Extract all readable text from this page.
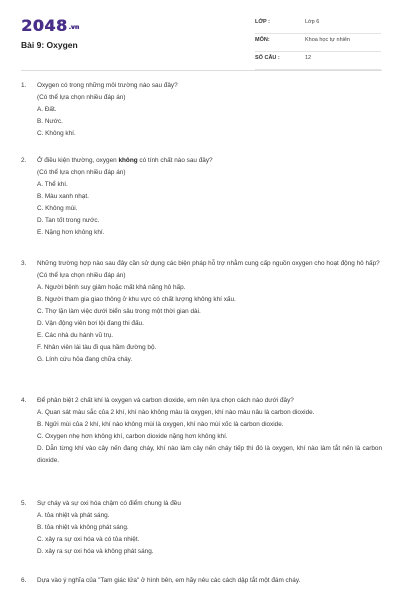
2048.vn
Bài 9: Oxygen
LỚP :	Lớp 6
MÔN:	Khoa học tự nhiên
SỐ CÂU :	12
1. Oxygen có trong những môi trường nào sau đây?
(Có thể lựa chọn nhiều đáp án)
A. Đất.
B. Nước.
C. Không khí.
2. Ở điều kiện thường, oxygen không có tính chất nào sau đây?
(Có thể lựa chọn nhiều đáp án)
A. Thể khí.
B. Màu xanh nhạt.
C. Không mùi.
D. Tan tốt trong nước.
E. Nặng hơn không khí.
3. Những trường hợp nào sau đây cần sử dụng các biện pháp hỗ trợ nhằm cung cấp nguồn oxygen cho hoạt động hô hấp?
(Có thể lựa chọn nhiều đáp án)
A. Người bệnh suy giảm hoặc mất khả năng hô hấp.
B. Người tham gia giao thông ở khu vực có chất lượng không khí xấu.
C. Thợ lặn làm việc dưới biển sâu trong một thời gian dài.
D. Vận động viên bơi lội đang thi đấu.
E. Các nhà du hành vũ trụ.
F. Nhân viên lái tàu đi qua hầm đường bộ.
G. Lính cứu hỏa đang chữa cháy.
4. Để phân biệt 2 chất khí là oxygen và carbon dioxide, em nên lựa chọn cách nào dưới đây?
A. Quan sát màu sắc của 2 khí, khí nào không màu là oxygen, khí nào màu nâu là carbon dioxide.
B. Ngửi mùi của 2 khí, khí nào không mùi là oxygen, khí nào mùi xốc là carbon dioxide.
C. Oxygen nhẹ hơn không khí, carbon dioxide nặng hơn không khí.
D. Dẫn từng khí vào cây nến đang cháy, khí nào làm cây nến cháy tiếp thì đó là oxygen, khí nào làm tắt nến là carbon dioxide.
5. Sự cháy và sự oxi hóa chậm có điểm chung là đều
A. tỏa nhiệt và phát sáng.
B. tỏa nhiệt và không phát sáng.
C. xảy ra sự oxi hóa và có tỏa nhiệt.
D. xảy ra sự oxi hóa và không phát sáng.
6. Dựa vào ý nghĩa của "Tam giác lửa" ở hình bên, em hãy nêu các cách dập tắt một đám cháy.
